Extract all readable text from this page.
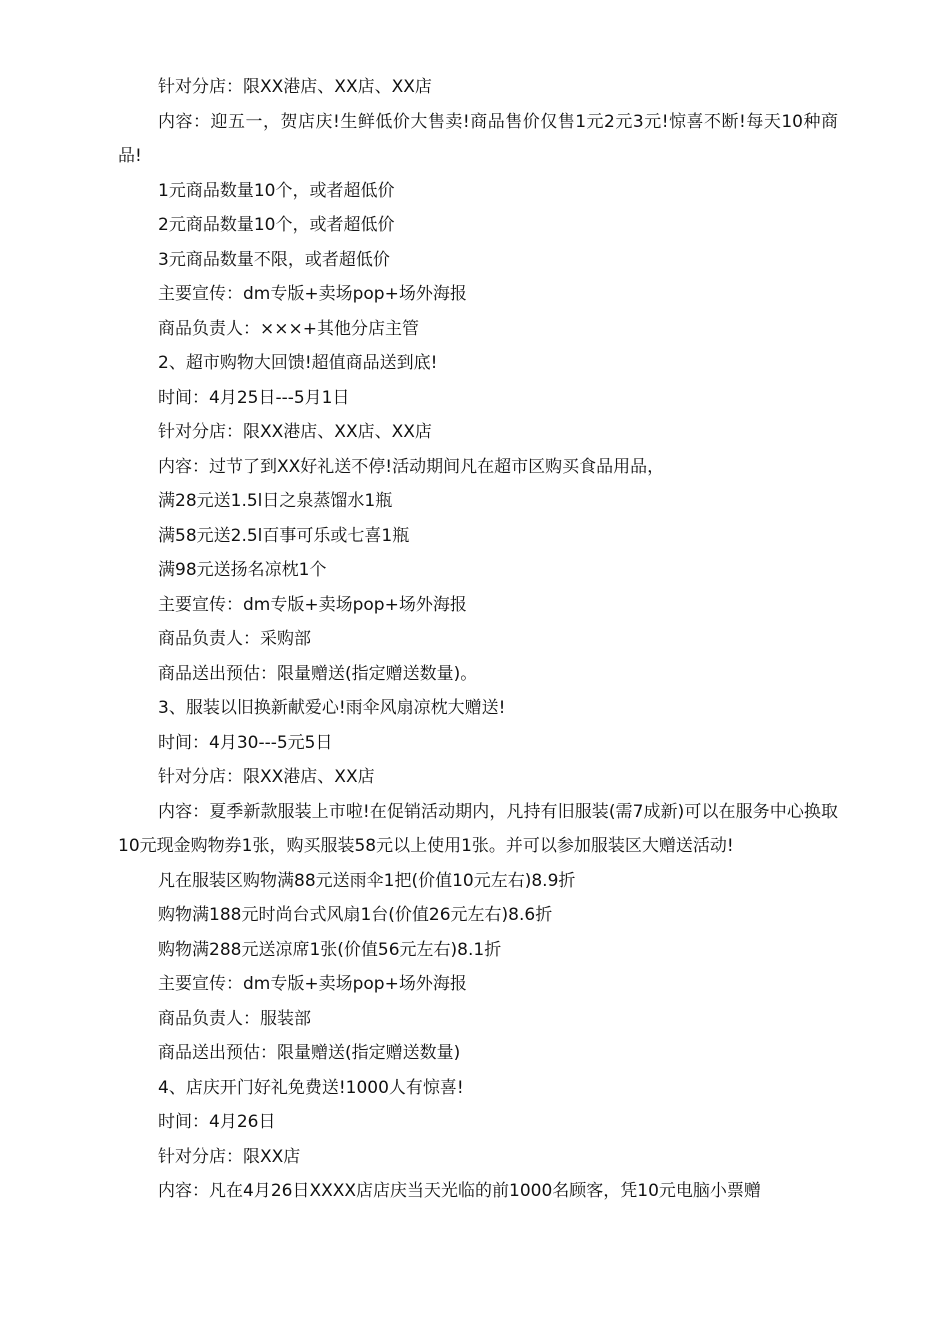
针对分店：限XX港店、XX店、XX店
内容：迎五一，贺店庆!生鲜低价大售卖!商品售价仅售1元2元3元!惊喜不断!每天10种商品!
1元商品数量10个，或者超低价
2元商品数量10个，或者超低价
3元商品数量不限，或者超低价
主要宣传：dm专版+卖场pop+场外海报
商品负责人：×××+其他分店主管
2、超市购物大回馈!超值商品送到底!
时间：4月25日---5月1日
针对分店：限XX港店、XX店、XX店
内容：过节了到XX好礼送不停!活动期间凡在超市区购买食品用品，
满28元送1.5l日之泉蒸馏水1瓶
满58元送2.5l百事可乐或七喜1瓶
满98元送扬名凉枕1个
主要宣传：dm专版+卖场pop+场外海报
商品负责人：采购部
商品送出预估：限量赠送(指定赠送数量)。
3、服装以旧换新献爱心!雨伞风扇凉枕大赠送!
时间：4月30---5元5日
针对分店：限XX港店、XX店
内容：夏季新款服装上市啦!在促销活动期内，凡持有旧服装(需7成新)可以在服务中心换取10元现金购物券1张，购买服装58元以上使用1张。并可以参加服装区大赠送活动!
凡在服装区购物满88元送雨伞1把(价值10元左右)8.9折
购物满188元时尚台式风扇1台(价值26元左右)8.6折
购物满288元送凉席1张(价值56元左右)8.1折
主要宣传：dm专版+卖场pop+场外海报
商品负责人：服装部
商品送出预估：限量赠送(指定赠送数量)
4、店庆开门好礼免费送!1000人有惊喜!
时间：4月26日
针对分店：限XX店
内容：凡在4月26日XXXX店店庆当天光临的前1000名顾客，凭10元电脑小票赠
